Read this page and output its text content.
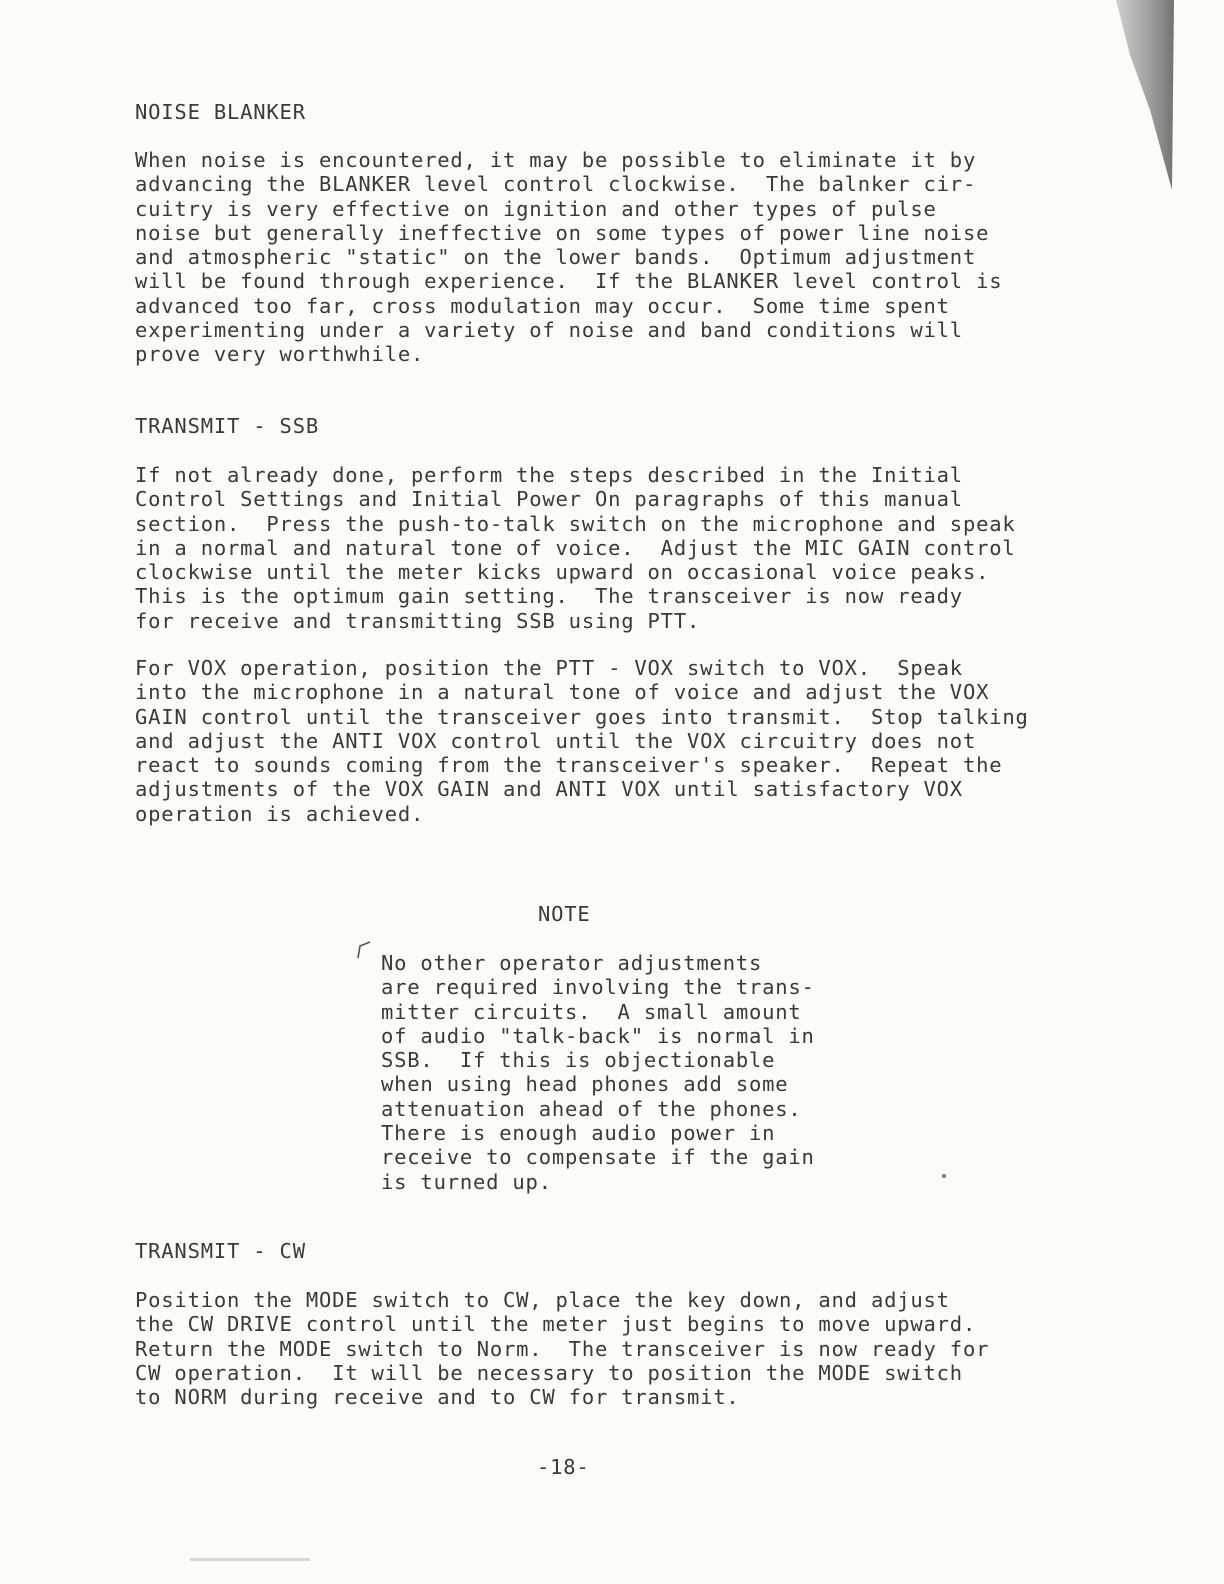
NOISE BLANKER

When noise is encountered, it may be possible to eliminate it by
advancing the BLANKER level control clockwise.  The balnker cir-
cuitry is very effective on ignition and other types of pulse
noise but generally ineffective on some types of power line noise
and atmospheric "static" on the lower bands.  Optimum adjustment
will be found through experience.  If the BLANKER level control is
advanced too far, cross modulation may occur.  Some time spent
experimenting under a variety of noise and band conditions will
prove very worthwhile.

TRANSMIT - SSB

If not already done, perform the steps described in the Initial
Control Settings and Initial Power On paragraphs of this manual
section.  Press the push-to-talk switch on the microphone and speak
in a normal and natural tone of voice.  Adjust the MIC GAIN control
clockwise until the meter kicks upward on occasional voice peaks.
This is the optimum gain setting.  The transceiver is now ready
for receive and transmitting SSB using PTT.

For VOX operation, position the PTT - VOX switch to VOX.  Speak
into the microphone in a natural tone of voice and adjust the VOX
GAIN control until the transceiver goes into transmit.  Stop talking
and adjust the ANTI VOX control until the VOX circuitry does not
react to sounds coming from the transceiver's speaker.  Repeat the
adjustments of the VOX GAIN and ANTI VOX until satisfactory VOX
operation is achieved.

NOTE

No other operator adjustments
are required involving the trans-
mitter circuits.  A small amount
of audio "talk-back" is normal in
SSB.  If this is objectionable
when using head phones add some
attenuation ahead of the phones.
There is enough audio power in
receive to compensate if the gain
is turned up.

TRANSMIT - CW

Position the MODE switch to CW, place the key down, and adjust
the CW DRIVE control until the meter just begins to move upward.
Return the MODE switch to Norm.  The transceiver is now ready for
CW operation.  It will be necessary to position the MODE switch
to NORM during receive and to CW for transmit.

-18-
